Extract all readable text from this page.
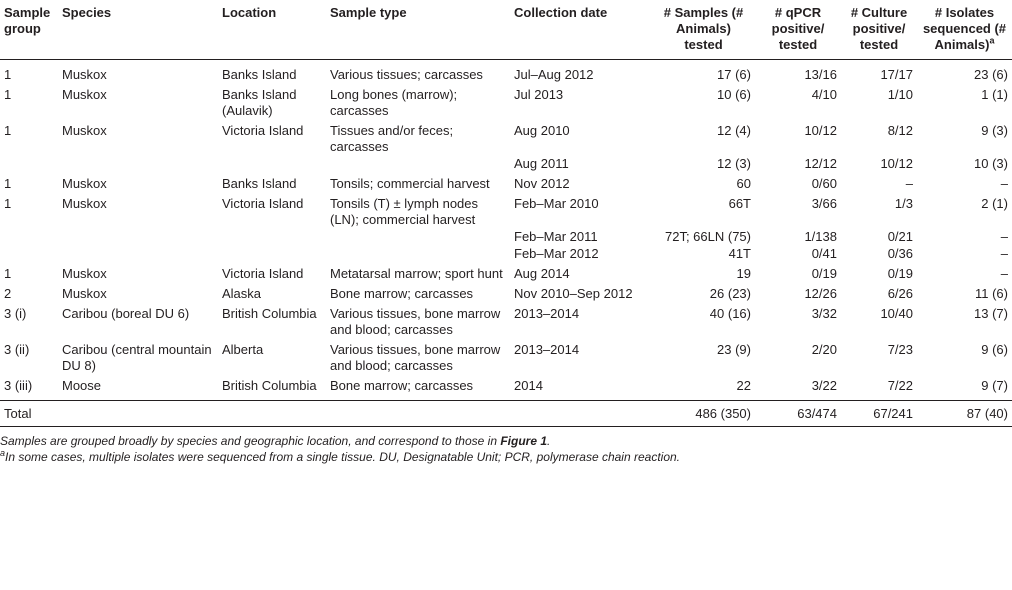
Sample group	Species	Location	Sample type	Collection date	# Samples (# Animals) tested	# qPCR positive/ tested	# Culture positive/ tested	# Isolates sequenced (# Animals)$^a$
1	Muskox	Banks Island	Various tissues; carcasses	Jul–Aug 2012	17 (6)	13/16	17/17	23 (6)
1	Muskox	Banks Island (Aulavik)	Long bones (marrow); carcasses	Jul 2013	10 (6)	4/10	1/10	1 (1)
1	Muskox	Victoria Island	Tissues and/or feces; carcasses	Aug 2010	12 (4)	10/12	8/12	9 (3)
				Aug 2011	12 (3)	12/12	10/12	10 (3)
1	Muskox	Banks Island	Tonsils; commercial harvest	Nov 2012	60	0/60	–	–
1	Muskox	Victoria Island	Tonsils (T) ± lymph nodes (LN); commercial harvest	Feb–Mar 2010	66T	3/66	1/3	2 (1)
				Feb–Mar 2011	72T; 66LN (75)	1/138	0/21	–
				Feb–Mar 2012	41T	0/41	0/36	–
1	Muskox	Victoria Island	Metatarsal marrow; sport hunt	Aug 2014	19	0/19	0/19	–
2	Muskox	Alaska	Bone marrow; carcasses	Nov 2010–Sep 2012	26 (23)	12/26	6/26	11 (6)
3 (i)	Caribou (boreal DU 6)	British Columbia	Various tissues, bone marrow and blood; carcasses	2013–2014	40 (16)	3/32	10/40	13 (7)
3 (ii)	Caribou (central mountain DU 8)	Alberta	Various tissues, bone marrow and blood; carcasses	2013–2014	23 (9)	2/20	7/23	9 (6)
3 (iii)	Moose	British Columbia	Bone marrow; carcasses	2014	22	3/22	7/22	9 (7)
Total					486 (350)	63/474	67/241	87 (40)

Samples are grouped broadly by species and geographic location, and correspond to those in Figure 1.

$^a$In some cases, multiple isolates were sequenced from a single tissue. DU, Designatable Unit; PCR, polymerase chain reaction.
